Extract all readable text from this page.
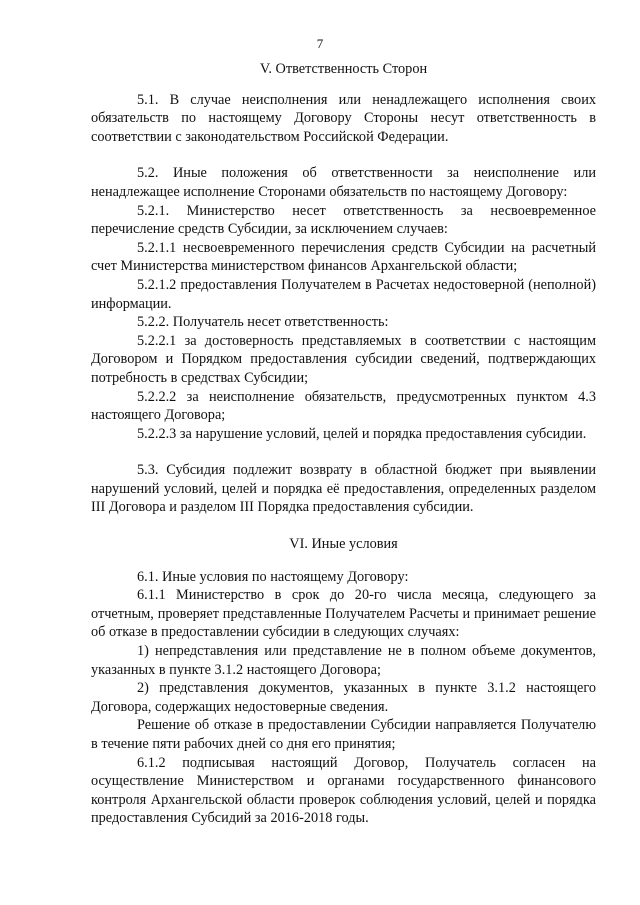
7
V. Ответственность Сторон

5.1. В случае неисполнения или ненадлежащего исполнения своих обязательств по настоящему Договору Стороны несут ответственность в соответствии с законодательством Российской Федерации.

5.2. Иные положения об ответственности за неисполнение или ненадлежащее исполнение Сторонами обязательств по настоящему Договору:

5.2.1. Министерство несет ответственность за несвоевременное перечисление средств Субсидии, за исключением случаев:

5.2.1.1 несвоевременного перечисления средств Субсидии на расчетный счет Министерства министерством финансов Архангельской области;

5.2.1.2 предоставления Получателем в Расчетах недостоверной (неполной) информации.

5.2.2. Получатель несет ответственность:

5.2.2.1 за достоверность представляемых в соответствии с настоящим Договором и Порядком предоставления субсидии сведений, подтверждающих потребность в средствах Субсидии;

5.2.2.2 за неисполнение обязательств, предусмотренных пунктом 4.3 настоящего Договора;

5.2.2.3 за нарушение условий, целей и порядка предоставления субсидии.

5.3. Субсидия подлежит возврату в областной бюджет при выявлении нарушений условий, целей и порядка её предоставления, определенных разделом III Договора и разделом III Порядка предоставления субсидии.

VI. Иные условия

6.1. Иные условия по настоящему Договору:

6.1.1 Министерство в срок до 20-го числа месяца, следующего за отчетным, проверяет представленные Получателем Расчеты и принимает решение об отказе в предоставлении субсидии в следующих случаях:

1) непредставления или представление не в полном объеме документов, указанных в пункте 3.1.2 настоящего Договора;

2) представления документов, указанных в пункте 3.1.2 настоящего Договора, содержащих недостоверные сведения.

Решение об отказе в предоставлении Субсидии направляется Получателю в течение пяти рабочих дней со дня его принятия;

6.1.2 подписывая настоящий Договор, Получатель согласен на осуществление Министерством и органами государственного финансового контроля Архангельской области проверок соблюдения условий, целей и порядка предоставления Субсидий за 2016-2018 годы.
